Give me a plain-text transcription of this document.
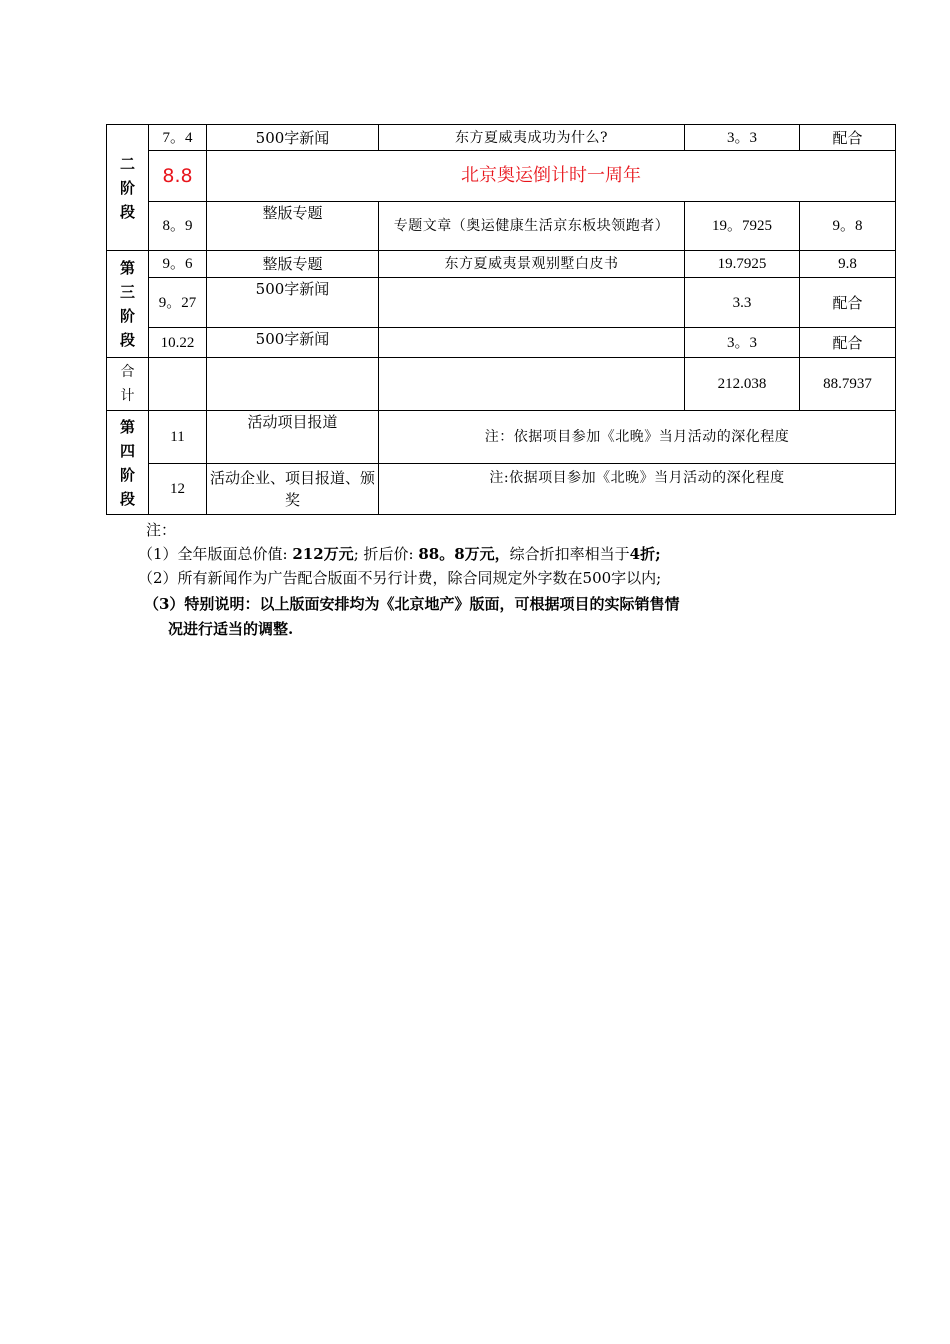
二
阶
段	7。4	500字新闻	东方夏威夷成功为什么?	3。3	配合
	8.8	北京奥运倒计时一周年			
	8。9	整版专题	专题文章（奥运健康生活京东板块领跑者）	19。7925	9。8
第
三
阶
段	9。6	整版专题	东方夏威夷景观别墅白皮书	19.7925	9.8
	9。27	500字新闻		3.3	配合
	10.22	500字新闻		3。3	配合
合
计				212.038	88.7937
第
四
阶
段	11	活动项目报道	注：依据项目参加《北晚》当月活动的深化程度		
	12	活动企业、项目报道、颁奖	注:依据项目参加《北晚》当月活动的深化程度		
注：
（1）全年版面总价值: 212万元; 折后价: 88。8万元，综合折扣率相当于4折;
（2）所有新闻作为广告配合版面不另行计费，除合同规定外字数在500字以内;
（3）特别说明：以上版面安排均为《北京地产》版面，可根据项目的实际销售情
况进行适当的调整.
